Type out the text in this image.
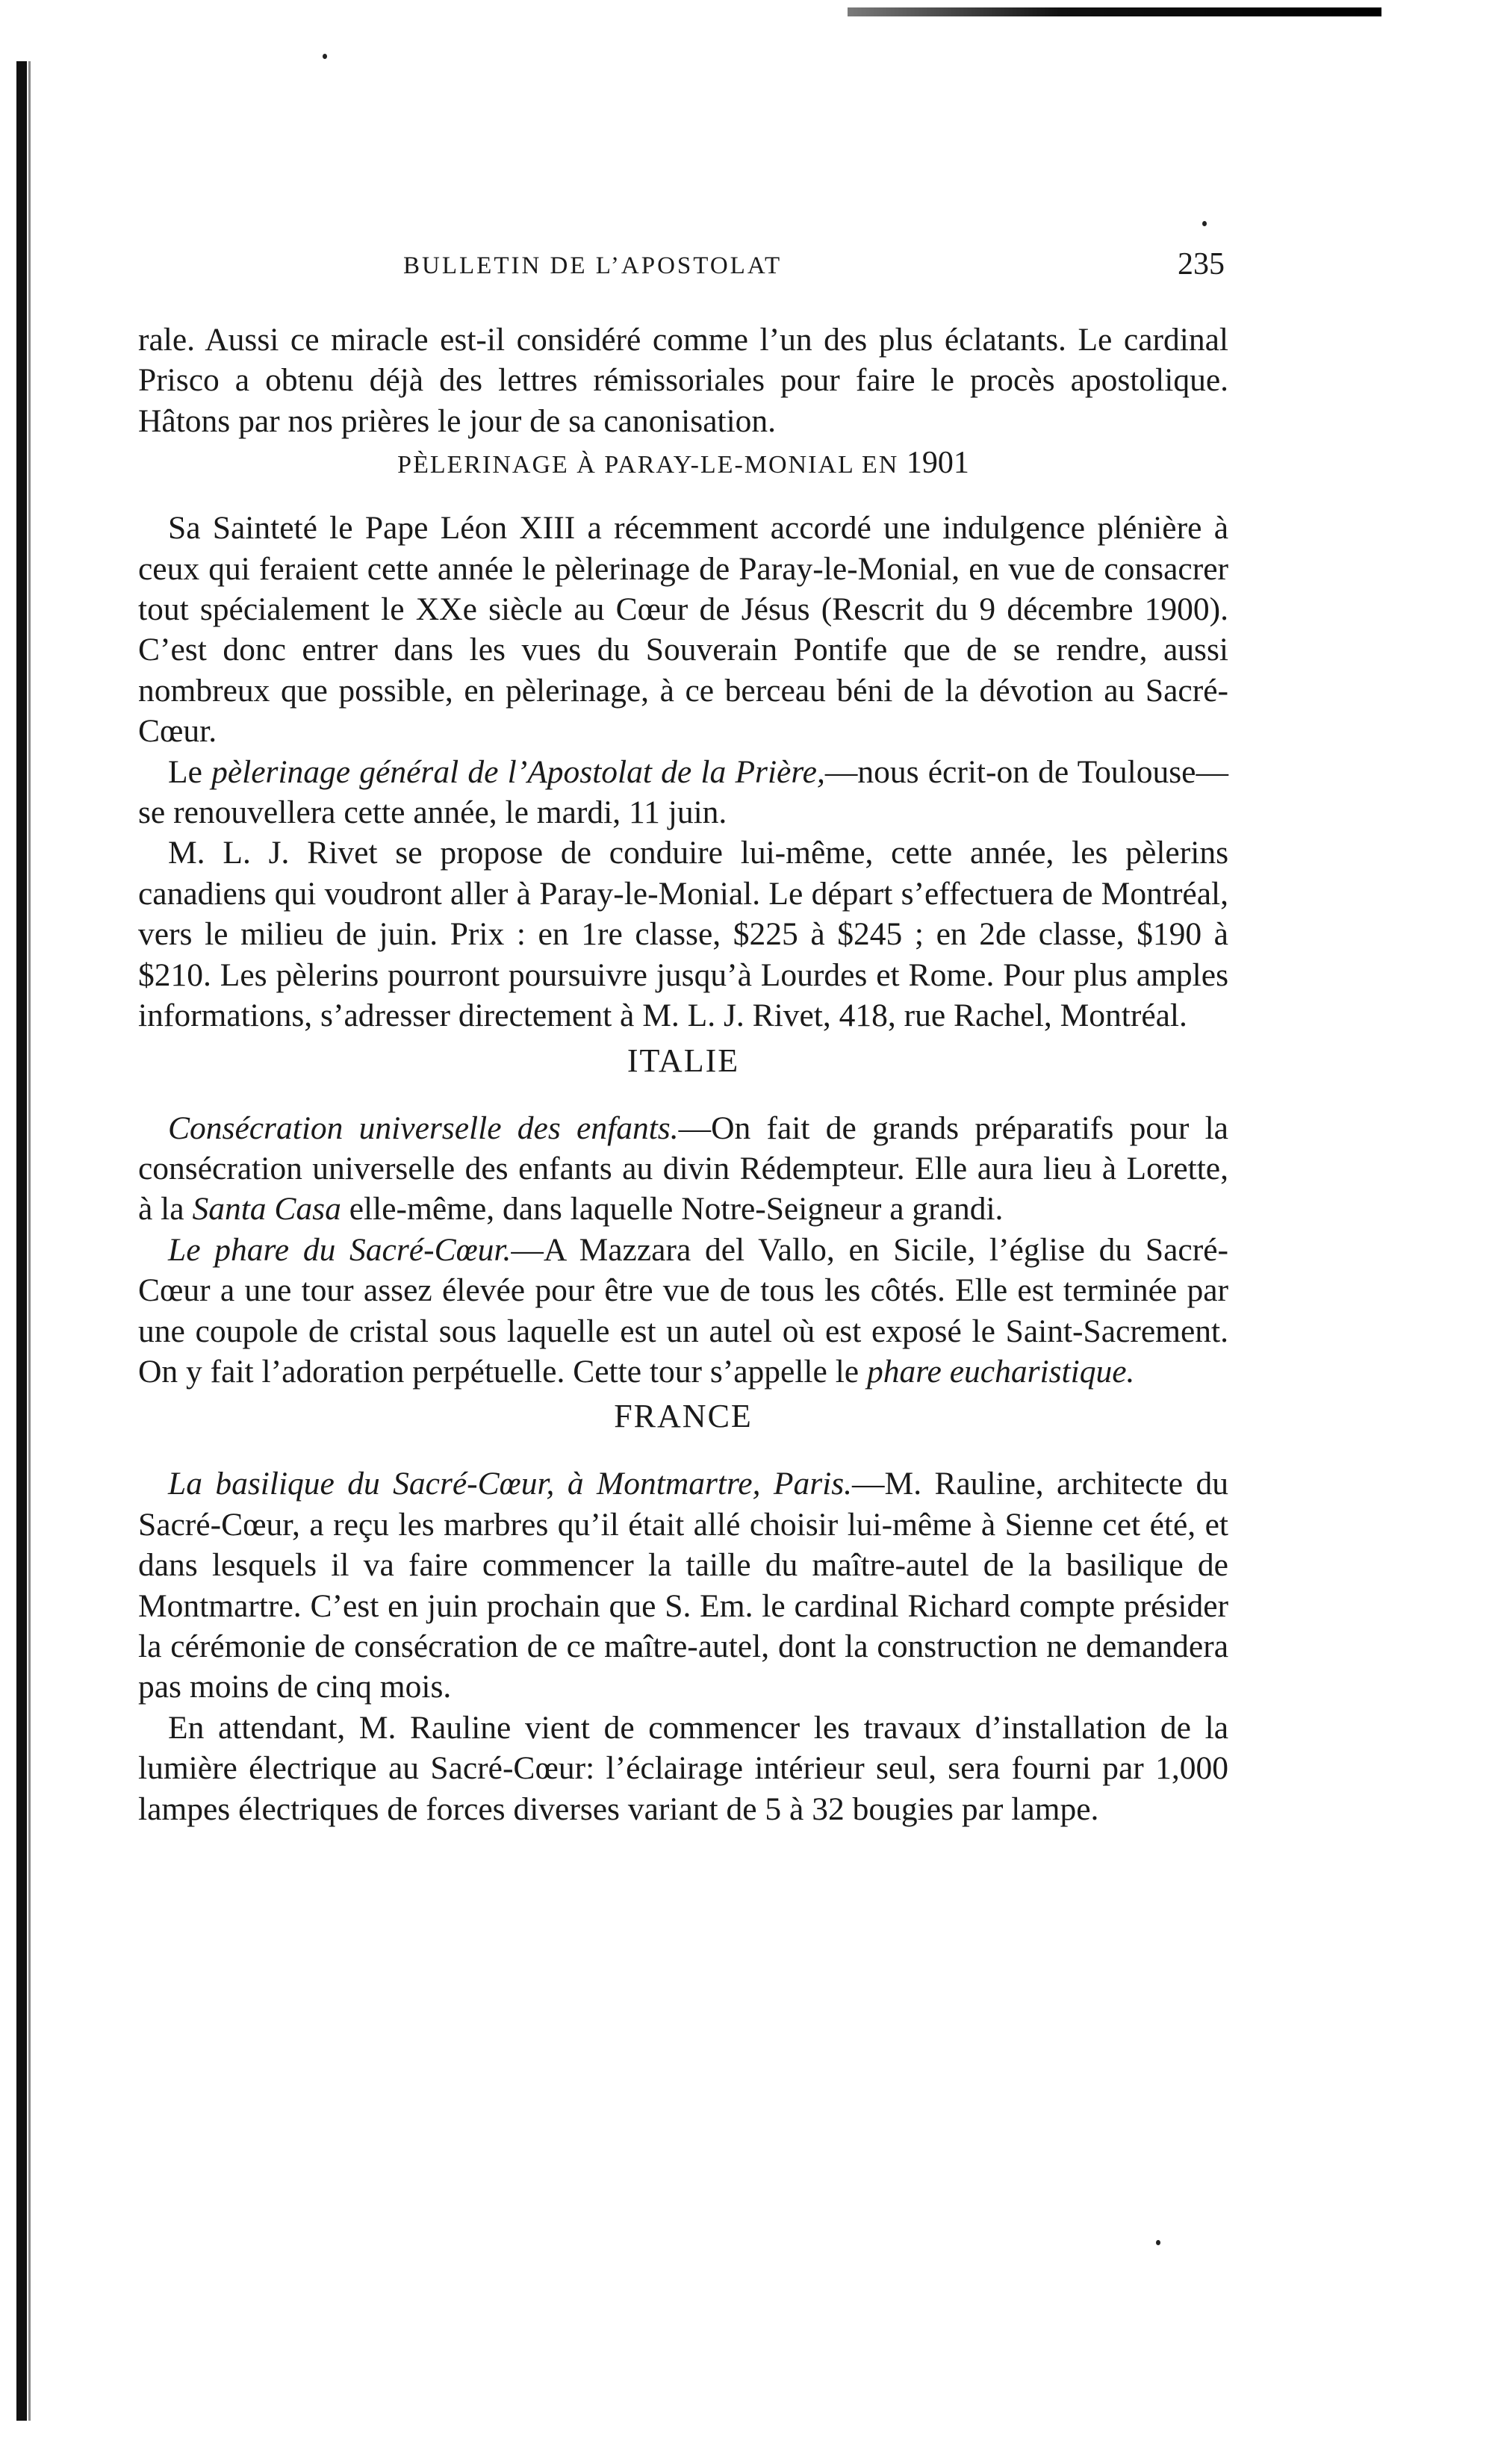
BULLETIN DE L’APOSTOLAT	235

rale. Aussi ce miracle est-il considéré comme l’un des plus éclatants. Le cardinal Prisco a obtenu déjà des lettres rémissoriales pour faire le procès apostolique. Hâtons par nos prières le jour de sa canonisation.

PÈLERINAGE À PARAY-LE-MONIAL EN 1901

Sa Sainteté le Pape Léon XIII a récemment accordé une indulgence plénière à ceux qui feraient cette année le pèlerinage de Paray-le-Monial, en vue de consacrer tout spécialement le XXe siècle au Cœur de Jésus (Rescrit du 9 décembre 1900). C’est donc entrer dans les vues du Souverain Pontife que de se rendre, aussi nombreux que possible, en pèlerinage, à ce berceau béni de la dévotion au Sacré-Cœur.

Le pèlerinage général de l’Apostolat de la Prière,—nous écrit-on de Toulouse—se renouvellera cette année, le mardi, 11 juin.

M. L. J. Rivet se propose de conduire lui-même, cette année, les pèlerins canadiens qui voudront aller à Paray-le-Monial. Le départ s’effectuera de Montréal, vers le milieu de juin. Prix : en 1re classe, $225 à $245 ; en 2de classe, $190 à $210. Les pèlerins pourront poursuivre jusqu’à Lourdes et Rome. Pour plus amples informations, s’adresser directement à M. L. J. Rivet, 418, rue Rachel, Montréal.

ITALIE

Consécration universelle des enfants.—On fait de grands préparatifs pour la consécration universelle des enfants au divin Rédempteur. Elle aura lieu à Lorette, à la Santa Casa elle-même, dans laquelle Notre-Seigneur a grandi.

Le phare du Sacré-Cœur.—A Mazzara del Vallo, en Sicile, l’église du Sacré-Cœur a une tour assez élevée pour être vue de tous les côtés. Elle est terminée par une coupole de cristal sous laquelle est un autel où est exposé le Saint-Sacrement. On y fait l’adoration perpétuelle. Cette tour s’appelle le phare eucharistique.

FRANCE

La basilique du Sacré-Cœur, à Montmartre, Paris.—M. Rauline, architecte du Sacré-Cœur, a reçu les marbres qu’il était allé choisir lui-même à Sienne cet été, et dans lesquels il va faire commencer la taille du maître-autel de la basilique de Montmartre. C’est en juin prochain que S. Em. le cardinal Richard compte présider la cérémonie de consécration de ce maître-autel, dont la construction ne demandera pas moins de cinq mois.

En attendant, M. Rauline vient de commencer les travaux d’installation de la lumière électrique au Sacré-Cœur: l’éclairage intérieur seul, sera fourni par 1,000 lampes électriques de forces diverses variant de 5 à 32 bougies par lampe.
